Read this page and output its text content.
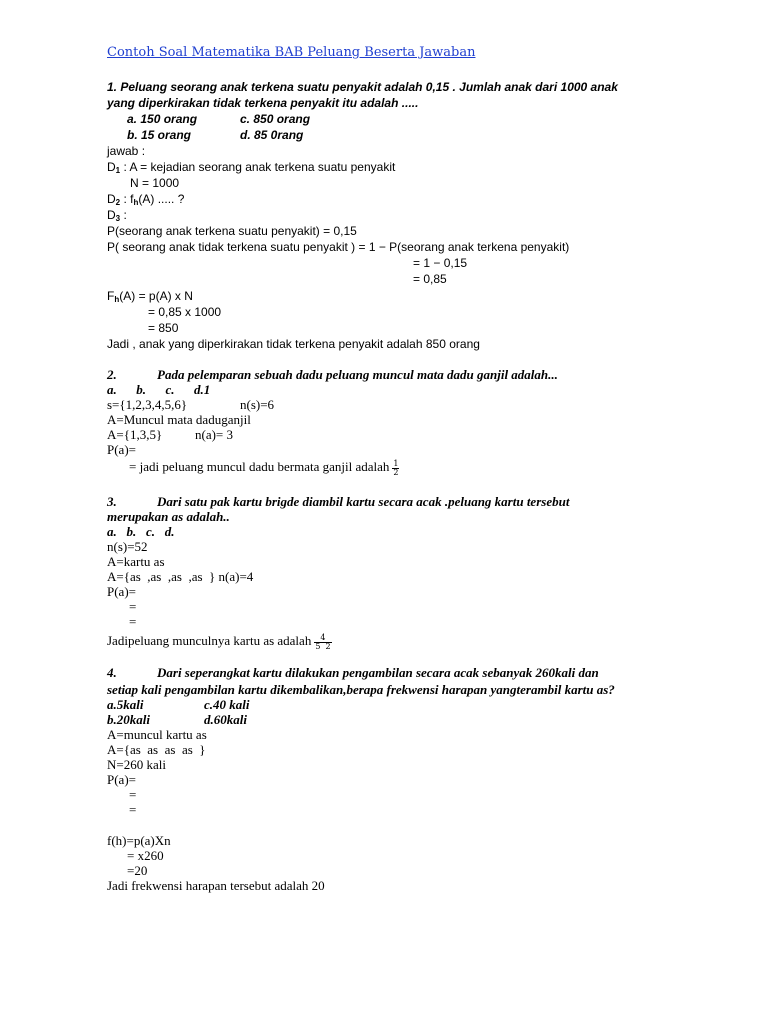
Contoh Soal Matematika BAB Peluang Beserta Jawaban
1. Peluang seorang anak terkena suatu penyakit adalah 0,15 . Jumlah anak dari 1000 anak
yang diperkirakan tidak terkena penyakit itu adalah .....
a. 150 orang	c. 850 orang
b. 15 orang	d. 85 0rang
jawab :
$D_1$ : A = kejadian seorang anak terkena suatu penyakit
N = 1000
$D_2$ : $f_h(A)$ ..... ?
$D_3$ :
P(seorang anak terkena suatu penyakit) = 0,15
P( seorang anak tidak terkena suatu penyakit ) = 1 − P(seorang anak terkena penyakit)
= 1 − 0,15
= 0,85
$F_h(A) = p(A)$ x N
= 0,85 x 1000
= 850
Jadi , anak yang diperkirakan tidak terkena penyakit adalah 850 orang
2.	Pada pelemparan sebuah dadu peluang muncul mata dadu ganjil adalah...
a.      b.      c.      d.1
s={1,2,3,4,5,6}	n(s)=6
A=Muncul mata daduganjil
A={1,3,5}	n(a)= 3
P(a)=
= jadi peluang muncul dadu bermata ganjil adalah $\frac{1}{2}$
3.	Dari satu pak kartu brigde diambil kartu secara acak .peluang kartu tersebut
merupakan as adalah..
a.   b.   c.   d.
n(s)=52
A=kartu as
A={as  ,as  ,as  ,as  } n(a)=4
P(a)=
=
=
Jadipeluang munculnya kartu as adalah $\frac{4}{5 2}$
4.	Dari seperangkat kartu dilakukan pengambilan secara acak sebanyak 260kali dan
setiap kali pengambilan kartu dikembalikan,berapa frekwensi harapan yangterambil kartu as?
a.5kali	c.40 kali
b.20kali	d.60kali
A=muncul kartu as
A={as  as  as  as  }
N=260 kali
P(a)=
=
=
f(h)=p(a)Xn
= x260
=20
Jadi frekwensi harapan tersebut adalah 20
